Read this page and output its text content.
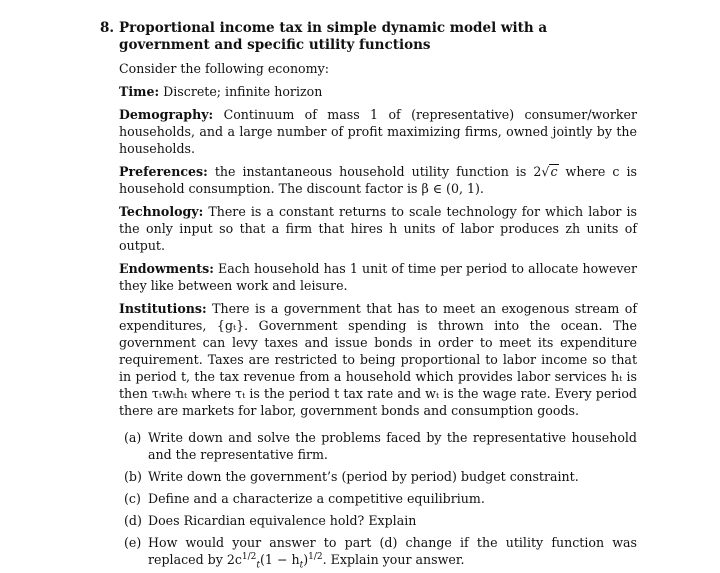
8. Proportional income tax in simple dynamic model with a government and specific utility functions

Consider the following economy:

Time: Discrete; infinite horizon

Demography: Continuum of mass 1 of (representative) consumer/worker households, and a large number of profit maximizing firms, owned jointly by the households.

Preferences: the instantaneous household utility function is 2√c where c is household consumption. The discount factor is β ∈ (0, 1).

Technology: There is a constant returns to scale technology for which labor is the only input so that a firm that hires h units of labor produces zh units of output.

Endowments: Each household has 1 unit of time per period to allocate however they like between work and leisure.

Institutions: There is a government that has to meet an exogenous stream of expenditures, {gₜ}. Government spending is thrown into the ocean. The government can levy taxes and issue bonds in order to meet its expenditure requirement. Taxes are restricted to being proportional to labor income so that in period t, the tax revenue from a household which provides labor services hₜ is then τₜwₜhₜ where τₜ is the period t tax rate and wₜ is the wage rate. Every period there are markets for labor, government bonds and consumption goods.

(a) Write down and solve the problems faced by the representative household and the representative firm.
(b) Write down the government’s (period by period) budget constraint.
(c) Define and a characterize a competitive equilibrium.
(d) Does Ricardian equivalence hold? Explain
(e) How would your answer to part (d) change if the utility function was replaced by $2c^{1/2}_t(1 - h_t)^{1/2}$. Explain your answer.
